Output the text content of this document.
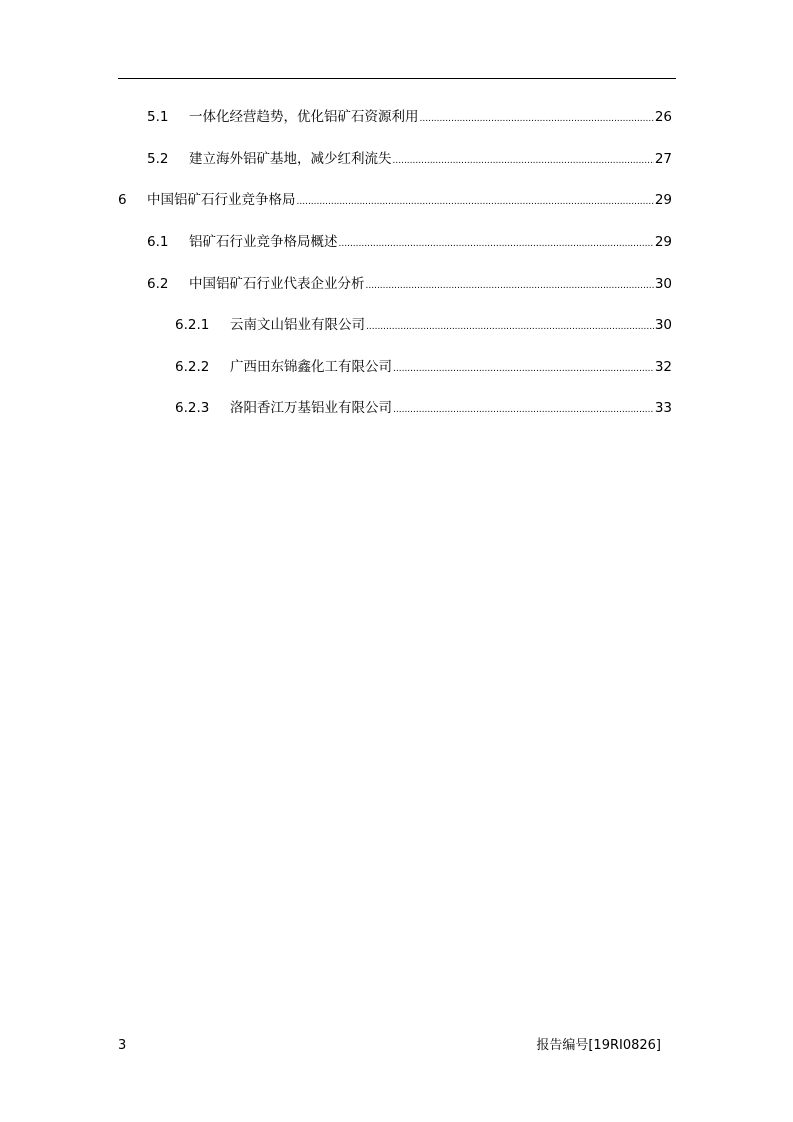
5.1 一体化经营趋势，优化铝矿石资源利用 .....	26
5.2 建立海外铝矿基地，减少红利流失 .....	27
6 中国铝矿石行业竞争格局 .....	29
6.1 铝矿石行业竞争格局概述 .....	29
6.2 中国铝矿石行业代表企业分析 .....	30
6.2.1 云南文山铝业有限公司 .....	30
6.2.2 广西田东锦鑫化工有限公司 .....	32
6.2.3 洛阳香江万基铝业有限公司 .....	33
3	报告编号[19RI0826]
